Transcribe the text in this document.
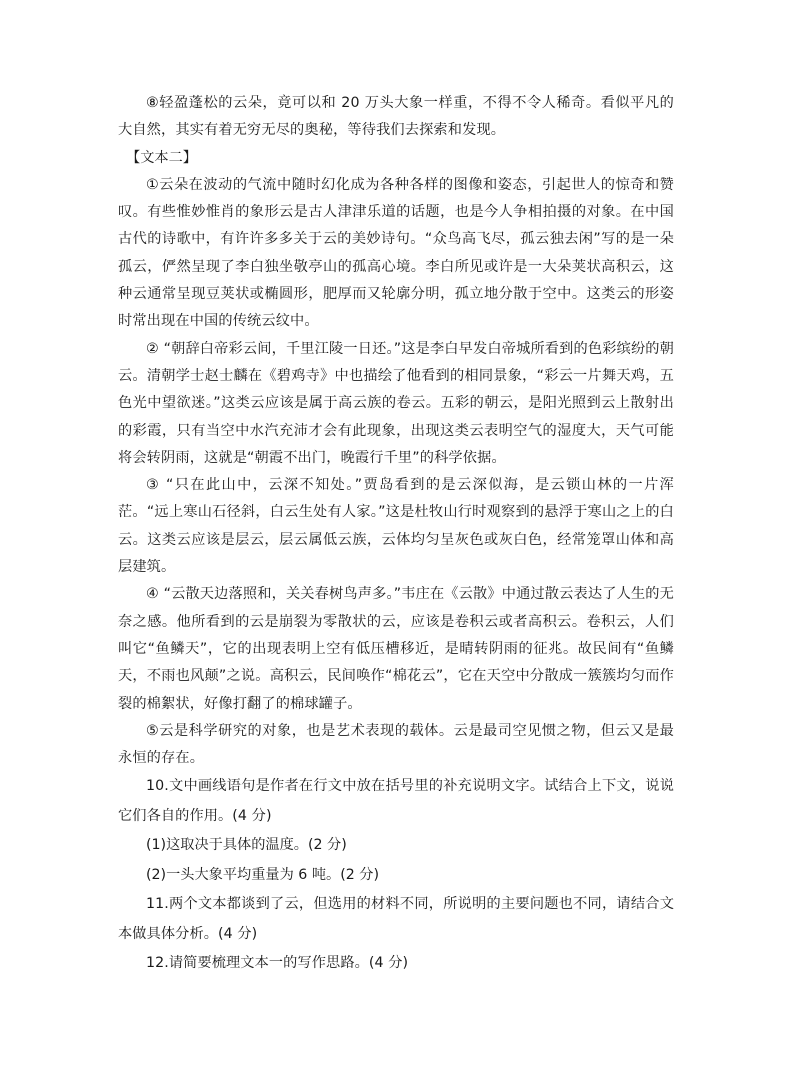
⑧轻盈蓬松的云朵，竟可以和 20 万头大象一样重，不得不令人稀奇。看似平凡的大自然，其实有着无穷无尽的奥秘，等待我们去探索和发现。

【文本二】

①云朵在波动的气流中随时幻化成为各种各样的图像和姿态，引起世人的惊奇和赞叹。有些惟妙惟肖的象形云是古人津津乐道的话题，也是今人争相拍摄的对象。在中国古代的诗歌中，有许许多多关于云的美妙诗句。“众鸟高飞尽，孤云独去闲”写的是一朵孤云，俨然呈现了李白独坐敬亭山的孤高心境。李白所见或许是一大朵荚状高积云，这种云通常呈现豆荚状或椭圆形，肥厚而又轮廓分明，孤立地分散于空中。这类云的形姿时常出现在中国的传统云纹中。

② “朝辞白帝彩云间，千里江陵一日还。”这是李白早发白帝城所看到的色彩缤纷的朝云。清朝学士赵士麟在《碧鸡寺》中也描绘了他看到的相同景象，“彩云一片舞天鸡，五色光中望欲迷。”这类云应该是属于高云族的卷云。五彩的朝云，是阳光照到云上散射出的彩霞，只有当空中水汽充沛才会有此现象，出现这类云表明空气的湿度大，天气可能将会转阴雨，这就是“朝霞不出门，晚霞行千里”的科学依据。

③ “只在此山中，云深不知处。”贾岛看到的是云深似海，是云锁山林的一片浑茫。“远上寒山石径斜，白云生处有人家。”这是杜牧山行时观察到的悬浮于寒山之上的白云。这类云应该是层云，层云属低云族，云体均匀呈灰色或灰白色，经常笼罩山体和高层建筑。

④ “云散天边落照和，关关春树鸟声多。”韦庄在《云散》中通过散云表达了人生的无奈之感。他所看到的云是崩裂为零散状的云，应该是卷积云或者高积云。卷积云，人们叫它“鱼鳞天”，它的出现表明上空有低压槽移近，是晴转阴雨的征兆。故民间有“鱼鳞天，不雨也风颠”之说。高积云，民间唤作“棉花云”，它在天空中分散成一簇簇均匀而作裂的棉絮状，好像打翻了的棉球罐子。

⑤云是科学研究的对象，也是艺术表现的载体。云是最司空见惯之物，但云又是最永恒的存在。

10.文中画线语句是作者在行文中放在括号里的补充说明文字。试结合上下文，说说它们各自的作用。(4 分)

(1)这取决于具体的温度。(2 分)

(2)一头大象平均重量为 6 吨。(2 分)

11.两个文本都谈到了云，但选用的材料不同，所说明的主要问题也不同，请结合文本做具体分析。(4 分)

12.请简要梳理文本一的写作思路。(4 分)
